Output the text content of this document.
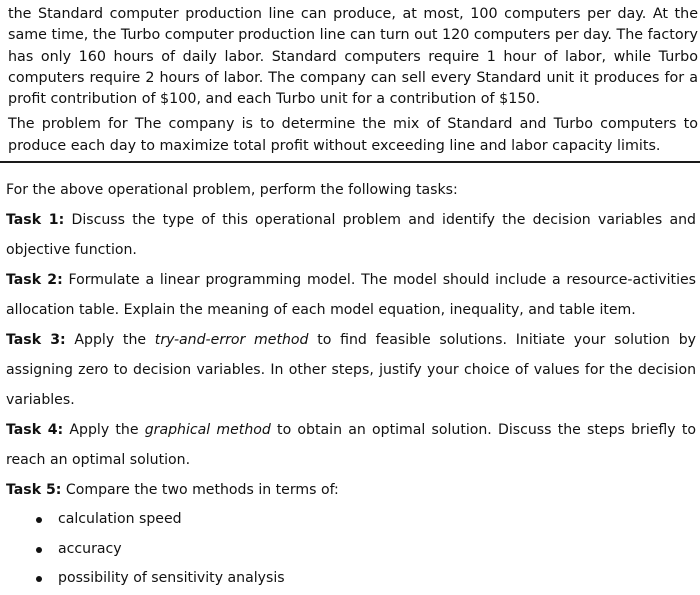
the Standard computer production line can produce, at most, 100 computers per day. At the same time, the Turbo computer production line can turn out 120 computers per day. The factory has only 160 hours of daily labor. Standard computers require 1 hour of labor, while Turbo computers require 2 hours of labor. The company can sell every Standard unit it produces for a profit contribution of $100, and each Turbo unit for a contribution of $150.

The problem for The company is to determine the mix of Standard and Turbo computers to produce each day to maximize total profit without exceeding line and labor capacity limits.

For the above operational problem, perform the following tasks:

Task 1: Discuss the type of this operational problem and identify the decision variables and objective function.

Task 2: Formulate a linear programming model. The model should include a resource-activities allocation table. Explain the meaning of each model equation, inequality, and table item.

Task 3: Apply the try-and-error method to find feasible solutions. Initiate your solution by assigning zero to decision variables. In other steps, justify your choice of values for the decision variables.

Task 4: Apply the graphical method to obtain an optimal solution. Discuss the steps briefly to reach an optimal solution.

Task 5: Compare the two methods in terms of:

calculation speed
accuracy
possibility of sensitivity analysis
